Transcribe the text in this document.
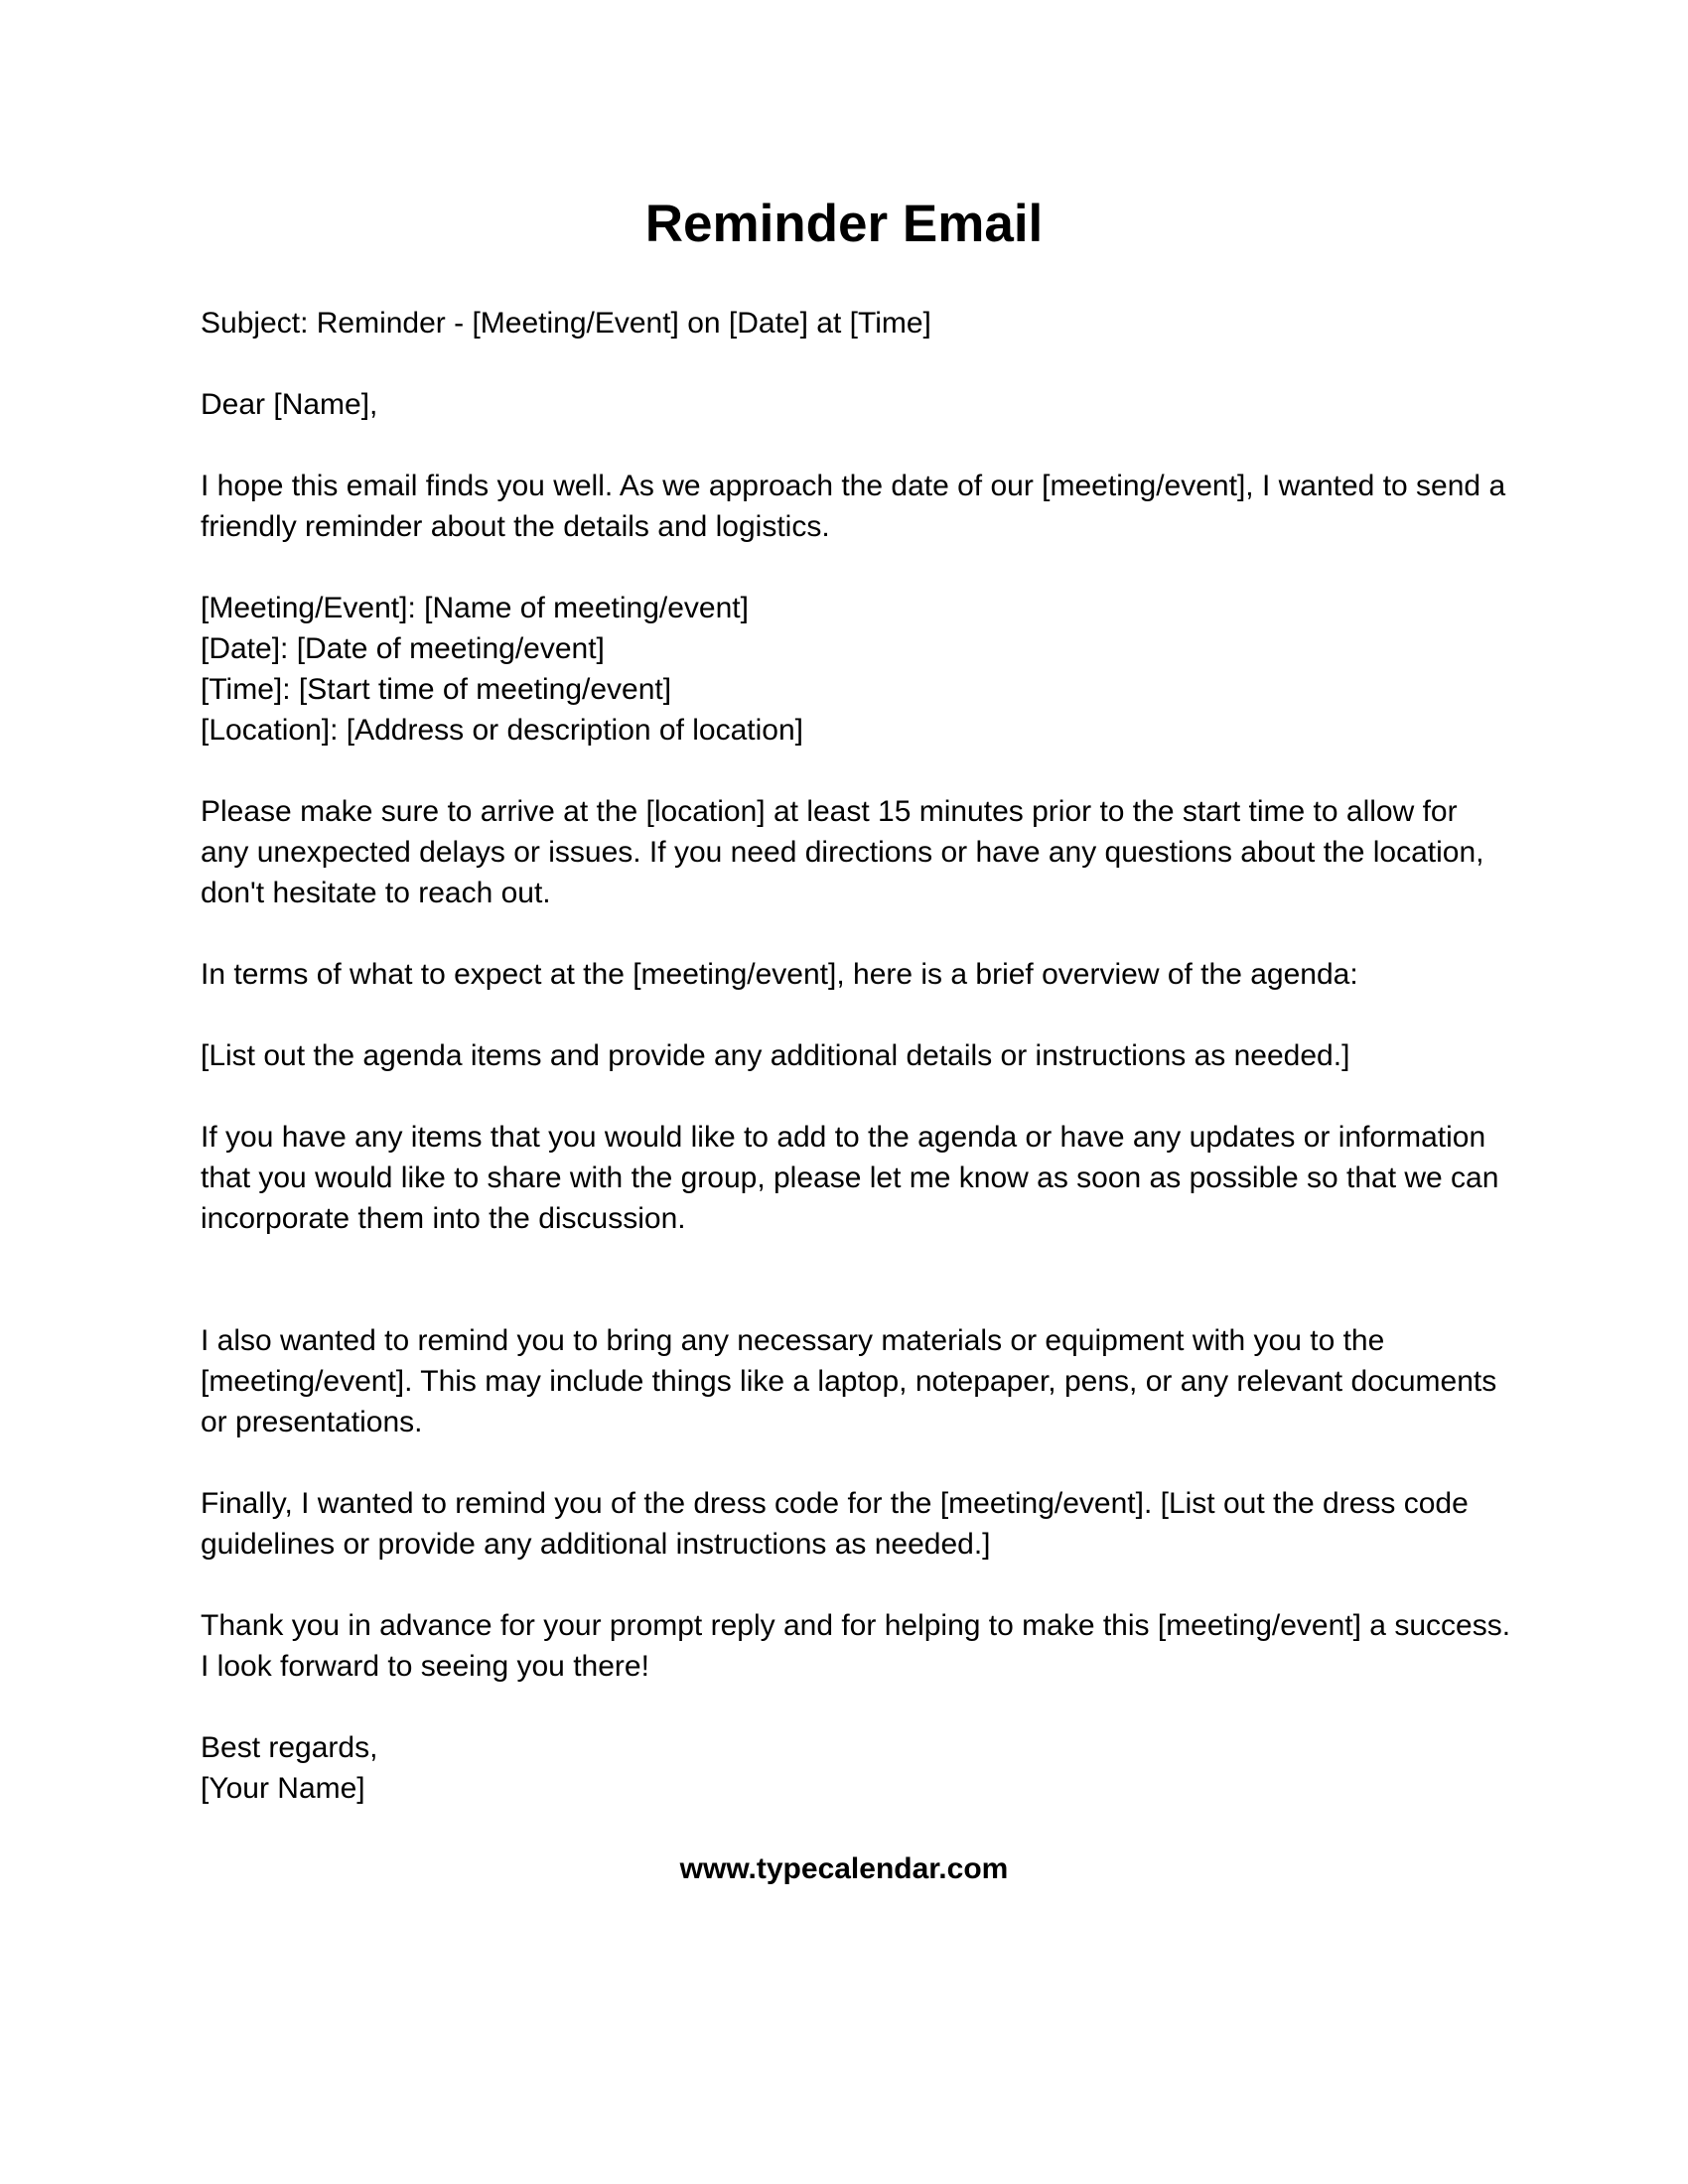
Reminder Email

Subject: Reminder - [Meeting/Event] on [Date] at [Time]

Dear [Name],

I hope this email finds you well. As we approach the date of our [meeting/event], I wanted to send a friendly reminder about the details and logistics.

[Meeting/Event]: [Name of meeting/event]
[Date]: [Date of meeting/event]
[Time]: [Start time of meeting/event]
[Location]: [Address or description of location]

Please make sure to arrive at the [location] at least 15 minutes prior to the start time to allow for any unexpected delays or issues. If you need directions or have any questions about the location, don't hesitate to reach out.

In terms of what to expect at the [meeting/event], here is a brief overview of the agenda:

[List out the agenda items and provide any additional details or instructions as needed.]

If you have any items that you would like to add to the agenda or have any updates or information that you would like to share with the group, please let me know as soon as possible so that we can incorporate them into the discussion.

I also wanted to remind you to bring any necessary materials or equipment with you to the [meeting/event]. This may include things like a laptop, notepaper, pens, or any relevant documents or presentations.

Finally, I wanted to remind you of the dress code for the [meeting/event]. [List out the dress code guidelines or provide any additional instructions as needed.]

Thank you in advance for your prompt reply and for helping to make this [meeting/event] a success. I look forward to seeing you there!

Best regards,
[Your Name]

www.typecalendar.com
